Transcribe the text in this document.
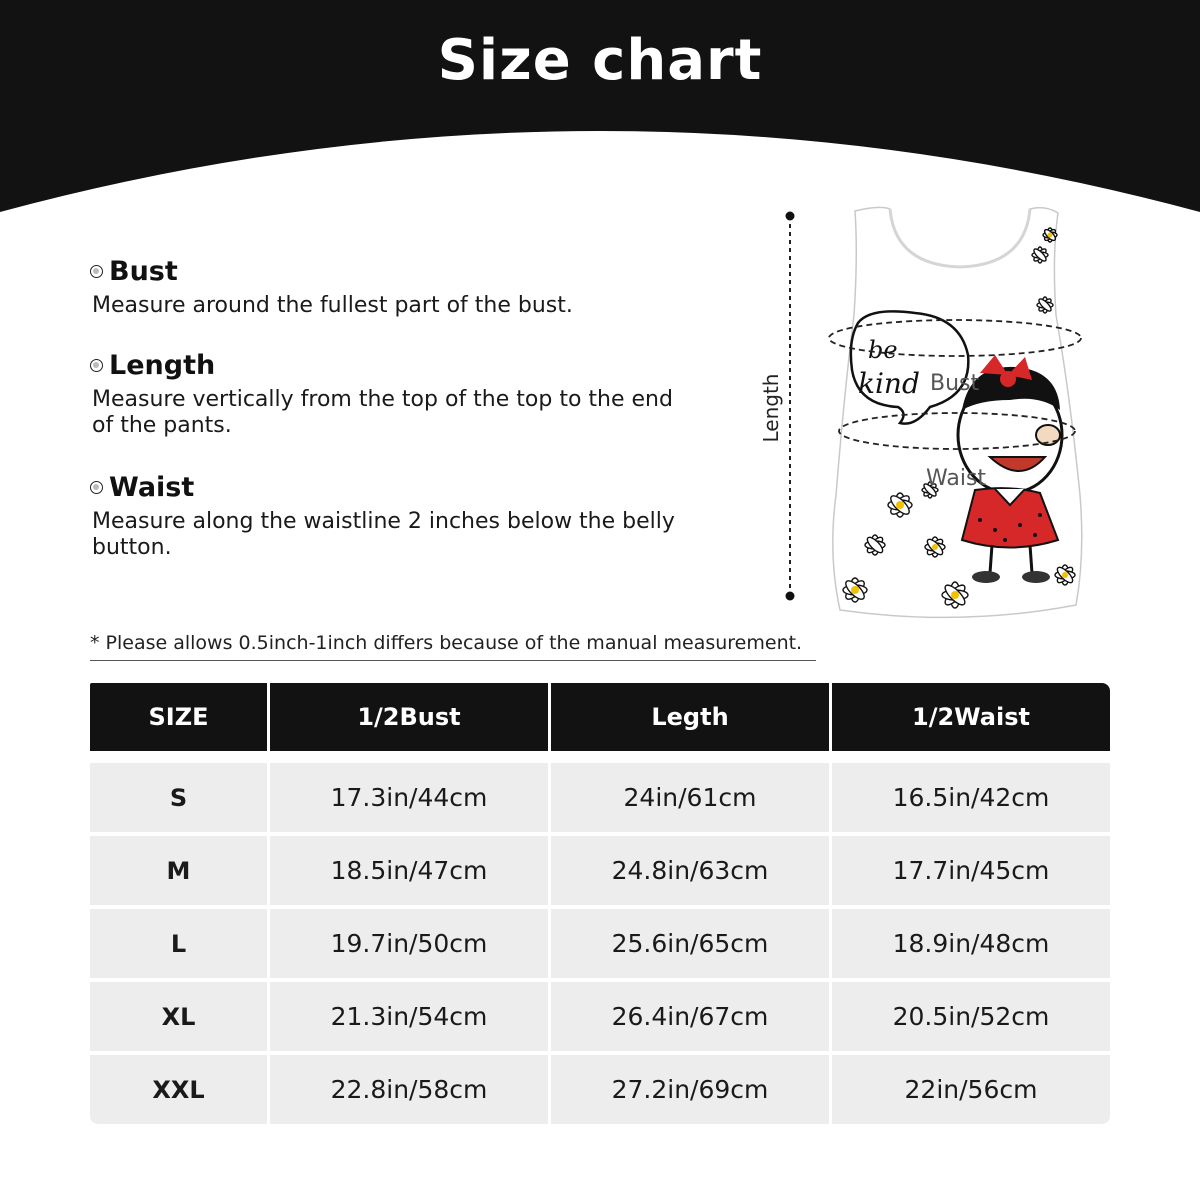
Size chart
Bust
Measure around the fullest part of the bust.
Length
Measure vertically from the top of the top to the end of the pants.
Waist
Measure along the waistline 2 inches below the belly button.
be
kind Bust
Waist
Length
* Please allows 0.5inch-1inch differs because of the manual measurement.
SIZE	1/2Bust	Legth	1/2Waist

S	17.3in/44cm	24in/61cm	16.5in/42cm
M	18.5in/47cm	24.8in/63cm	17.7in/45cm
L	19.7in/50cm	25.6in/65cm	18.9in/48cm
XL	21.3in/54cm	26.4in/67cm	20.5in/52cm
XXL	22.8in/58cm	27.2in/69cm	22in/56cm
